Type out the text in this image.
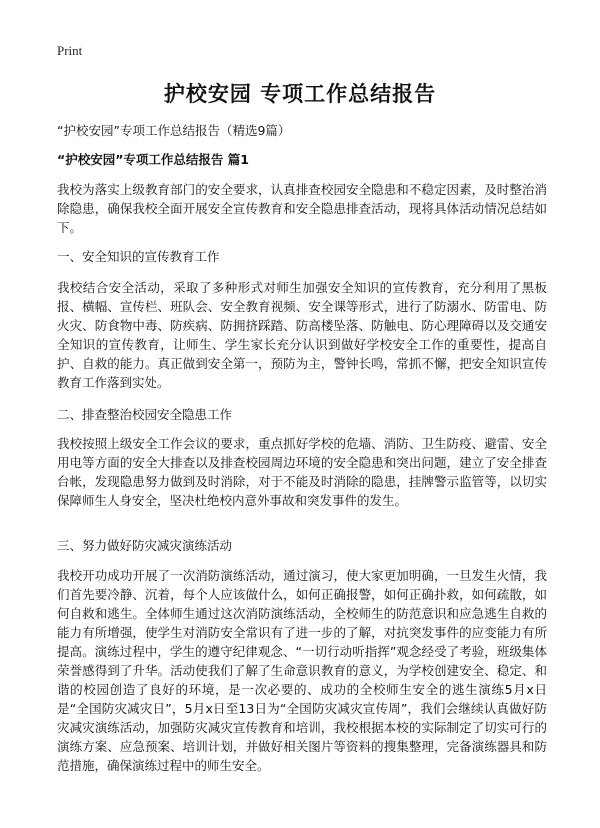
Print
护校安园 专项工作总结报告
“护校安园”专项工作总结报告（精选9篇）
“护校安园”专项工作总结报告 篇1

我校为落实上级教育部门的安全要求，认真排查校园安全隐患和不稳定因素，及时整治消除隐患，确保我校全面开展安全宣传教育和安全隐患排查活动，现将具体活动情况总结如下。

一、安全知识的宣传教育工作

我校结合安全活动，采取了多种形式对师生加强安全知识的宣传教育，充分利用了黑板报、横幅、宣传栏、班队会、安全教育视频、安全课等形式，进行了防溺水、防雷电、防火灾、防食物中毒、防疾病、防拥挤踩踏、防高楼坠落、防触电、防心理障碍以及交通安全知识的宣传教育，让师生、学生家长充分认识到做好学校安全工作的重要性，提高自护、自救的能力。真正做到安全第一，预防为主，警钟长鸣，常抓不懈，把安全知识宣传教育工作落到实处。

二、排查整治校园安全隐患工作

我校按照上级安全工作会议的要求，重点抓好学校的危墙、消防、卫生防疫、避雷、安全用电等方面的安全大排查以及排查校园周边环境的安全隐患和突出问题，建立了安全排查台帐，发现隐患努力做到及时消除，对于不能及时消除的隐患，挂牌警示监管等，以切实保障师生人身安全，坚决杜绝校内意外事故和突发事件的发生。

三、努力做好防灾减灾演练活动

我校开功成功开展了一次消防演练活动，通过演习，使大家更加明确，一旦发生火情，我们首先要冷静、沉着，每个人应该做什么，如何正确报警，如何正确扑救，如何疏散，如何自救和逃生。全体师生通过这次消防演练活动，全校师生的防范意识和应急逃生自救的能力有所增强，使学生对消防安全常识有了进一步的了解，对抗突发事件的应变能力有所提高。演练过程中，学生的遵守纪律观念、“一切行动听指挥”观念经受了考验，班级集体荣誉感得到了升华。活动使我们了解了生命意识教育的意义，为学校创建安全、稳定、和谐的校园创造了良好的环境，是一次必要的、成功的全校师生安全的逃生演练5月x日是“全国防灾减灾日”，5月x日至13日为“全国防灾减灾宣传周”，我们会继续认真做好防灾减灾演练活动，加强防灾减灾宣传教育和培训，我校根据本校的实际制定了切实可行的演练方案、应急预案、培训计划，并做好相关图片等资料的搜集整理，完备演练器具和防范措施，确保演练过程中的师生安全。
